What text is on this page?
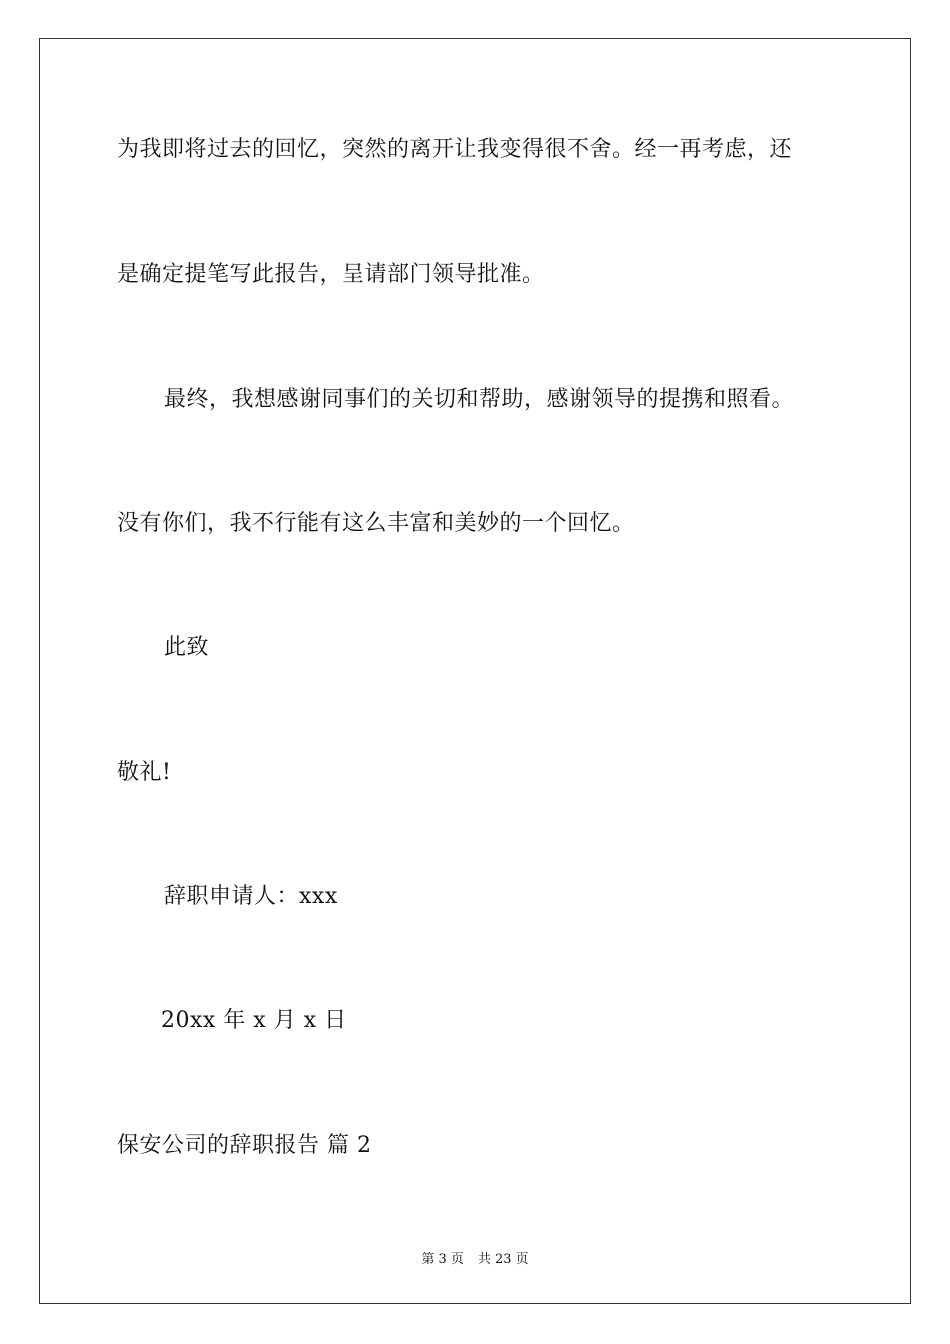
为我即将过去的回忆，突然的离开让我变得很不舍。经一再考虑，还
是确定提笔写此报告，呈请部门领导批准。
最终，我想感谢同事们的关切和帮助，感谢领导的提携和照看。
没有你们，我不行能有这么丰富和美妙的一个回忆。
此致
敬礼!
辞职申请人：xxx
20xx 年 x 月 x 日
保安公司的辞职报告 篇 2
第 3 页 共 23 页
